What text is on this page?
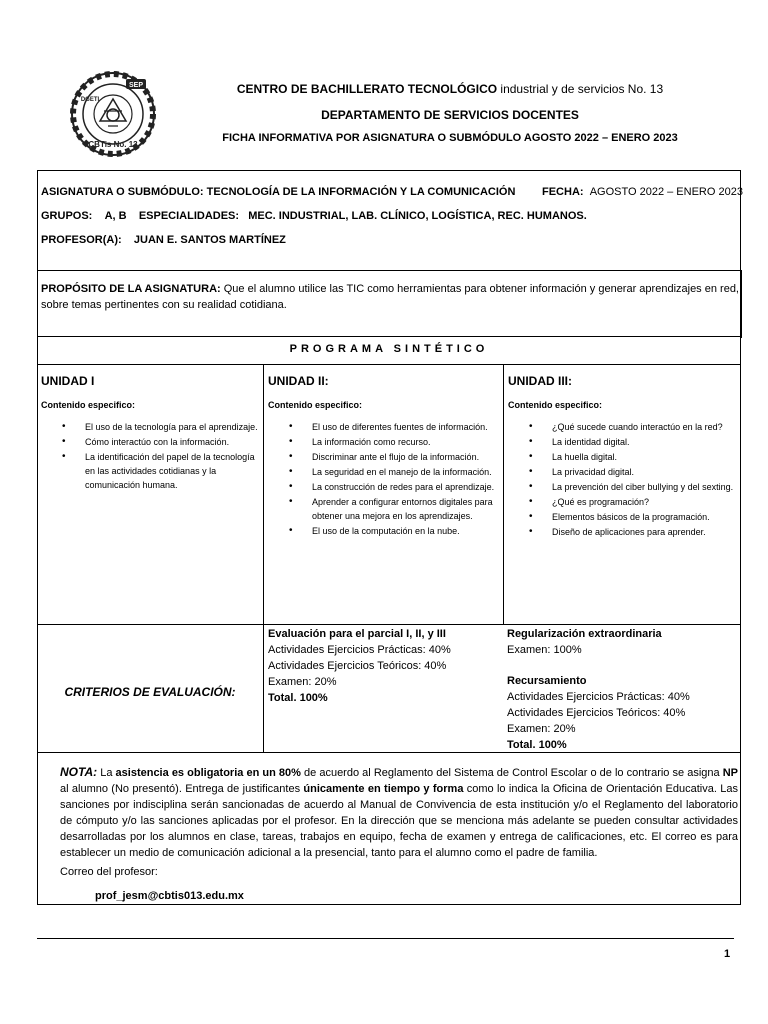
SEP
CBTis No. 13
DGETI
CENTRO DE BACHILLERATO TECNOLÓGICO industrial y de servicios No. 13
DEPARTAMENTO DE SERVICIOS DOCENTES
FICHA INFORMATIVA POR ASIGNATURA O SUBMÓDULO AGOSTO 2022 – ENERO 2023
ASIGNATURA O SUBMÓDULO: TECNOLOGÍA DE LA INFORMACIÓN Y LA COMUNICACIÓN FECHA: AGOSTO 2022 – ENERO 2023
GRUPOS: A, B ESPECIALIDADES: MEC. INDUSTRIAL, LAB. CLÍNICO, LOGÍSTICA, REC. HUMANOS.
PROFESOR(A): JUAN E. SANTOS MARTÍNEZ
PROPÓSITO DE LA ASIGNATURA: Que el alumno utilice las TIC como herramientas para obtener información y generar aprendizajes en red, sobre temas pertinentes con su realidad cotidiana.
PROGRAMA SINTÉTICO
UNIDAD I
Contenido especifico:
• El uso de la tecnología para el aprendizaje.
• Cómo interactúo con la información.
• La identificación del papel de la tecnología en las actividades cotidianas y la comunicación humana.
UNIDAD II:
Contenido especifico:
• El uso de diferentes fuentes de información.
• La información como recurso.
• Discriminar ante el flujo de la información.
• La seguridad en el manejo de la información.
• La construcción de redes para el aprendizaje.
• Aprender a configurar entornos digitales para obtener una mejora en los aprendizajes.
• El uso de la computación en la nube.
UNIDAD III:
Contenido especifico:
• ¿Qué sucede cuando interactúo en la red?
• La identidad digital.
• La huella digital.
• La privacidad digital.
• La prevención del ciber bullying y del sexting.
• ¿Qué es programación?
• Elementos básicos de la programación.
• Diseño de aplicaciones para aprender.
CRITERIOS DE EVALUACIÓN:
Evaluación para el parcial I, II, y III
Actividades Ejercicios Prácticas: 40%
Actividades Ejercicios Teóricos: 40%
Examen: 20%
Total. 100%
Regularización extraordinaria
Examen: 100%
Recursamiento
Actividades Ejercicios Prácticas: 40%
Actividades Ejercicios Teóricos: 40%
Examen: 20%
Total. 100%
NOTA: La asistencia es obligatoria en un 80% de acuerdo al Reglamento del Sistema de Control Escolar o de lo contrario se asigna NP al alumno (No presentó). Entrega de justificantes únicamente en tiempo y forma como lo indica la Oficina de Orientación Educativa. Las sanciones por indisciplina serán sancionadas de acuerdo al Manual de Convivencia de esta institución y/o el Reglamento del laboratorio de cómputo y/o las sanciones aplicadas por el profesor. En la dirección que se menciona más adelante se pueden consultar actividades desarrolladas por los alumnos en clase, tareas, trabajos en equipo, fecha de examen y entrega de calificaciones, etc. El correo es para establecer un medio de comunicación adicional a la presencial, tanto para el alumno como el padre de familia.
Correo del profesor:
prof_jesm@cbtis013.edu.mx
1
